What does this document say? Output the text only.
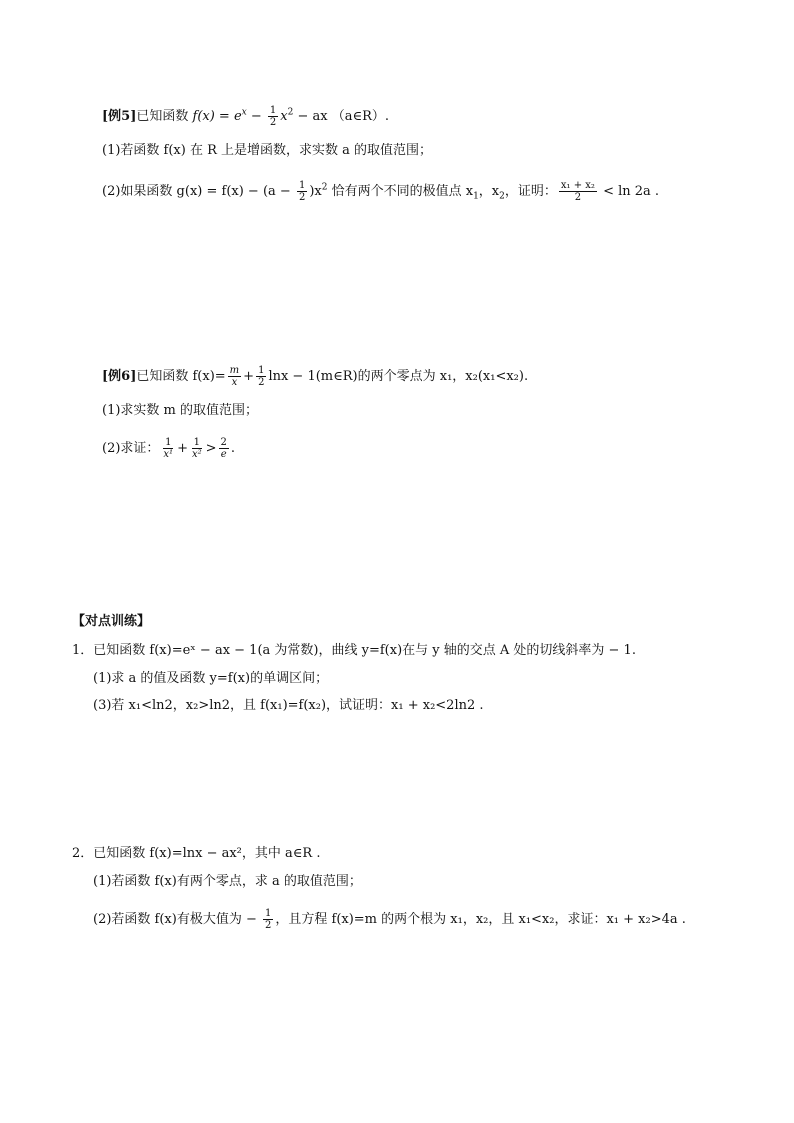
[例5]已知函数 $f(x) = e^x - \frac{1}{2} x^2$ − ax （a∈R）.
(1)若函数 f(x) 在 R 上是增函数，求实数 a 的取值范围；
(2)如果函数 $g(x) = f(x) - (a - \frac{1}{2} )x^2$ 恰有两个不同的极值点 $x_1$，$x_2$，证明： $\frac{\text{x₁ + x₂}}{2} < \ln 2a$ .
[例6]已知函数 $f(x)= \frac{m}{x} + \frac{1}{2}$ lnx − 1(m∈R)的两个零点为 x₁，x₂(x₁<x₂).
(1)求实数 m 的取值范围；
(2)求证： $\frac{1}{\text{x¹}} + \frac{1}{\text{x²}} > \frac{2}{e}$ .
【对点训练】
1．已知函数 f(x)=eˣ − ax − 1(a 为常数)，曲线 y=f(x)在与 y 轴的交点 A 处的切线斜率为 − 1.
(1)求 a 的值及函数 y=f(x)的单调区间；
(3)若 x₁<ln2，x₂>ln2，且 f(x₁)=f(x₂)，试证明：x₁ + x₂<2ln2 .
2．已知函数 f(x)=lnx − ax²，其中 a∈R .
(1)若函数 f(x)有两个零点，求 a 的取值范围；
(2)若函数 f(x)有极大值为 − $\frac{1}{2}$ ，且方程 f(x)=m 的两个根为 x₁，x₂，且 x₁<x₂，求证：x₁ + x₂>4a .
